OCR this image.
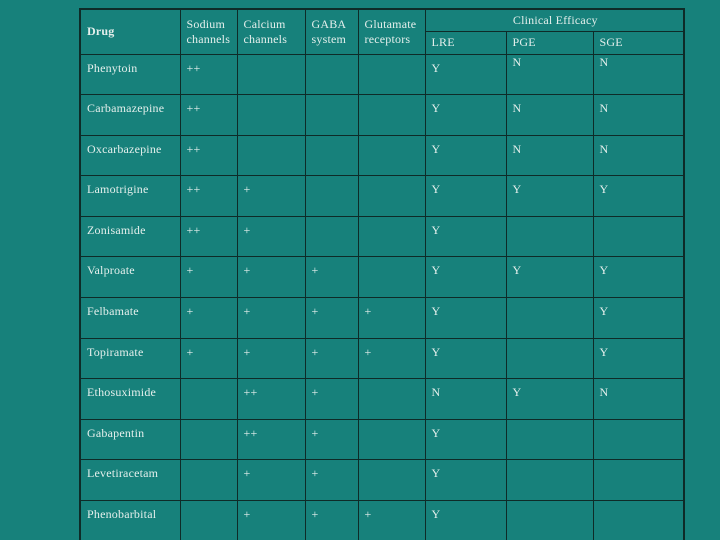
Drug	Sodium channels	Calcium channels	GABA system	Glutamate receptors	Clinical Efficacy		
					LRE	PGE	SGE
Phenytoin	++				Y	N	N
Carbamazepine	++				Y	N	N
Oxcarbazepine	++				Y	N	N
Lamotrigine	++	+			Y	Y	Y
Zonisamide	++	+			Y		
Valproate	+	+	+		Y	Y	Y
Felbamate	+	+	+	+	Y		Y
Topiramate	+	+	+	+	Y		Y
Ethosuximide		++	+		N	Y	N
Gabapentin		++	+		Y		
Levetiracetam		+	+		Y		
Phenobarbital		+	+	+	Y		
